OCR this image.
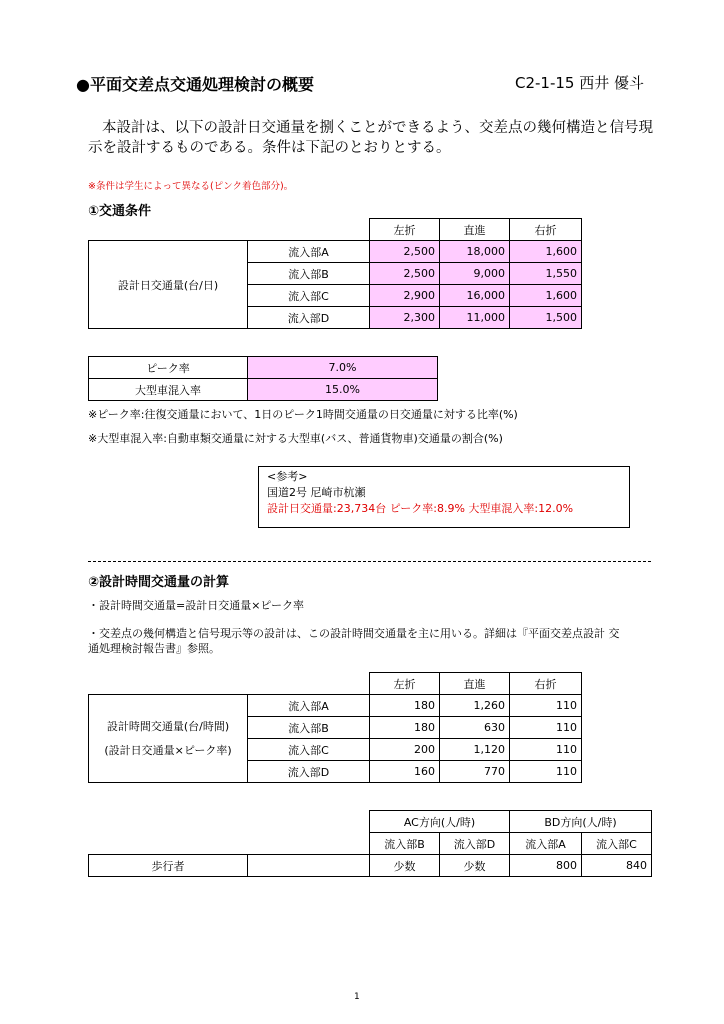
●平面交差点交通処理検討の概要	C2-1-15 西井 優斗
本設計は、以下の設計日交通量を捌くことができるよう、交差点の幾何構造と信号現
示を設計するものである。条件は下記のとおりとする。
※条件は学生によって異なる(ピンク着色部分)。
①交通条件
		左折	直進	右折
設計日交通量(台/日)	流入部A	2,500	18,000	1,600
	流入部B	2,500	9,000	1,550
	流入部C	2,900	16,000	1,600
	流入部D	2,300	11,000	1,500
ピーク率	7.0%
大型車混入率	15.0%
※ピーク率:往復交通量において、1日のピーク1時間交通量の日交通量に対する比率(%)
※大型車混入率:自動車類交通量に対する大型車(バス、普通貨物車)交通量の割合(%)
<参考>
国道2号 尼崎市杭瀬
設計日交通量:23,734台 ピーク率:8.9% 大型車混入率:12.0%
②設計時間交通量の計算
・設計時間交通量=設計日交通量×ピーク率
・交差点の幾何構造と信号現示等の設計は、この設計時間交通量を主に用いる。詳細は『平面交差点設計 交
通処理検討報告書』参照。
		左折	直進	右折

設計時間交通量(台/時間)
(設計日交通量×ピーク率)	流入部A	180	1,260	110
	流入部B	180	630	110
	流入部C	200	1,120	110
	流入部D	160	770	110
		AC方向(人/時)		BD方向(人/時)	
		流入部B	流入部D	流入部A	流入部C
歩行者		少数	少数	800	840
1
